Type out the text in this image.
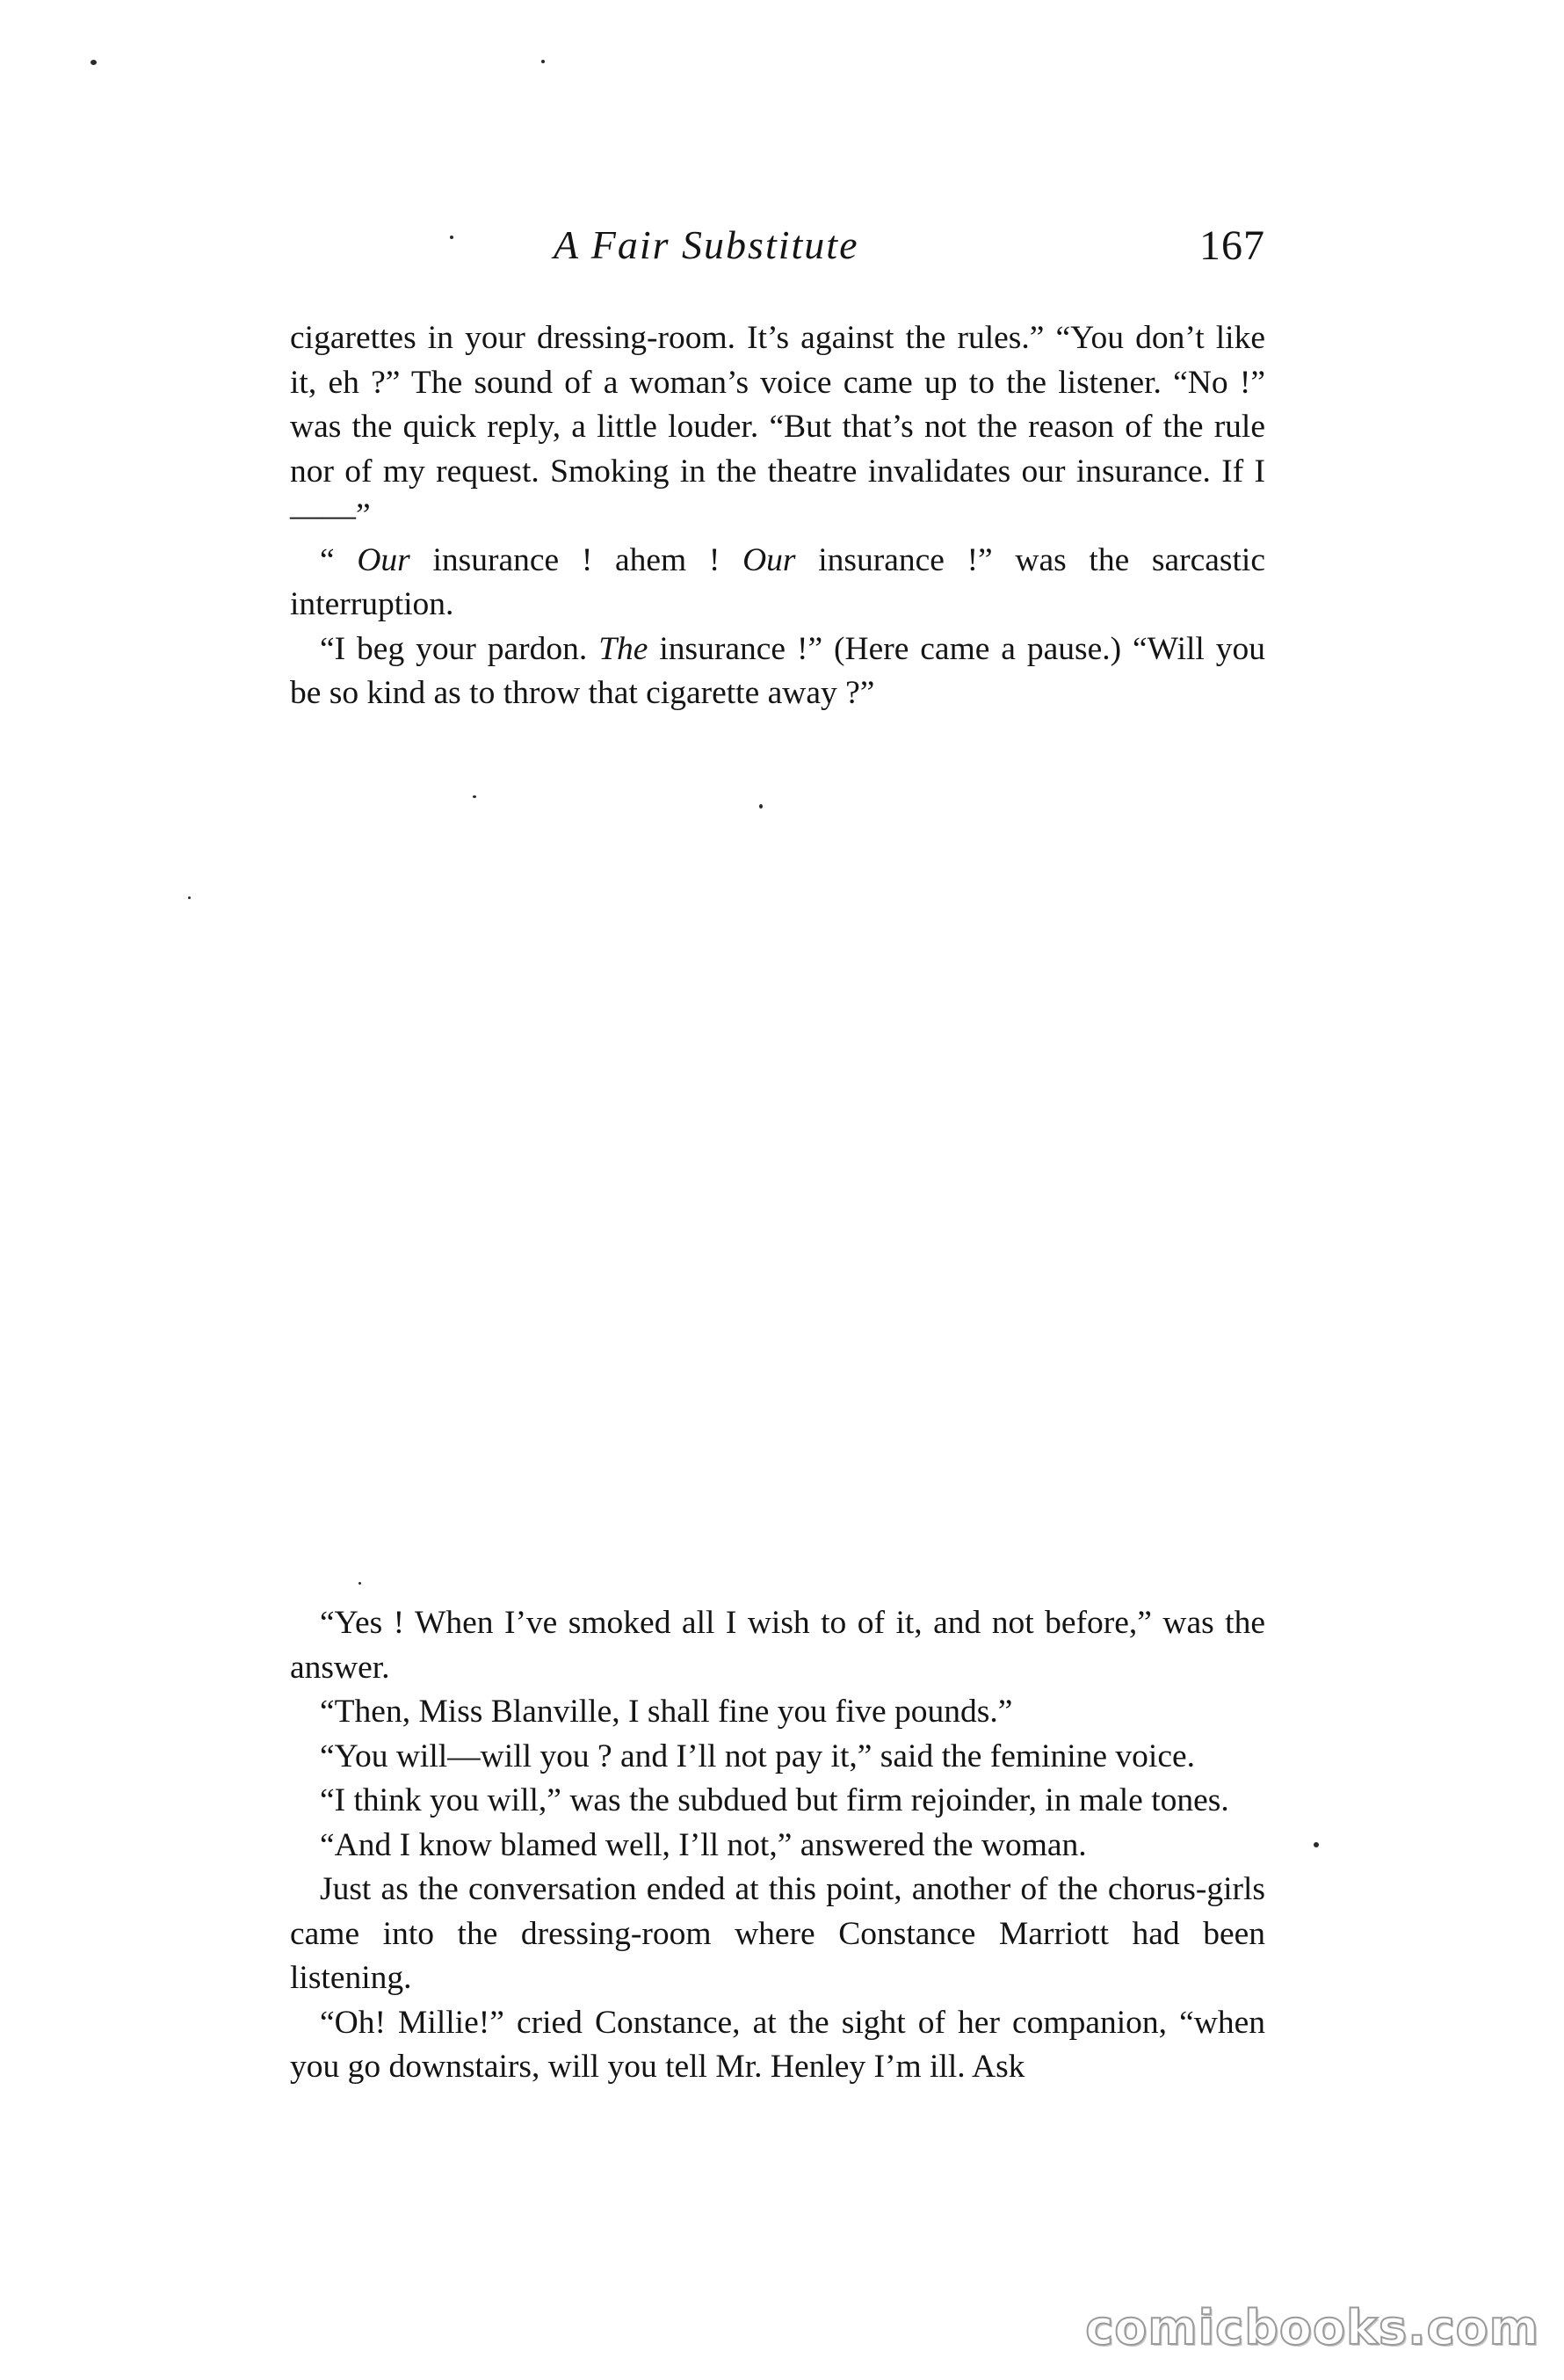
A Fair Substitute	167

cigarettes in your dressing-room. It’s against the rules.” “You don’t like it, eh ?” The sound of a woman’s voice came up to the listener. “No !” was the quick reply, a little louder. “But that’s not the reason of the rule nor of my request. Smoking in the theatre invalidates our insurance. If I——”

“ Our insurance ! ahem ! Our insurance !” was the sarcastic interruption.

“I beg your pardon. The insurance !” (Here came a pause.) “Will you be so kind as to throw that cigarette away ?”

“Yes ! When I’ve smoked all I wish to of it, and not before,” was the answer.

“Then, Miss Blanville, I shall fine you five pounds.”

“You will—will you ? and I’ll not pay it,” said the feminine voice.

“I think you will,” was the subdued but firm rejoinder, in male tones.

“And I know blamed well, I’ll not,” answered the woman.

Just as the conversation ended at this point, another of the chorus-girls came into the dressing-room where Constance Marriott had been listening.

“Oh! Millie!” cried Constance, at the sight of her companion, “when you go downstairs, will you tell Mr. Henley I’m ill. Ask

comicbooks.com
